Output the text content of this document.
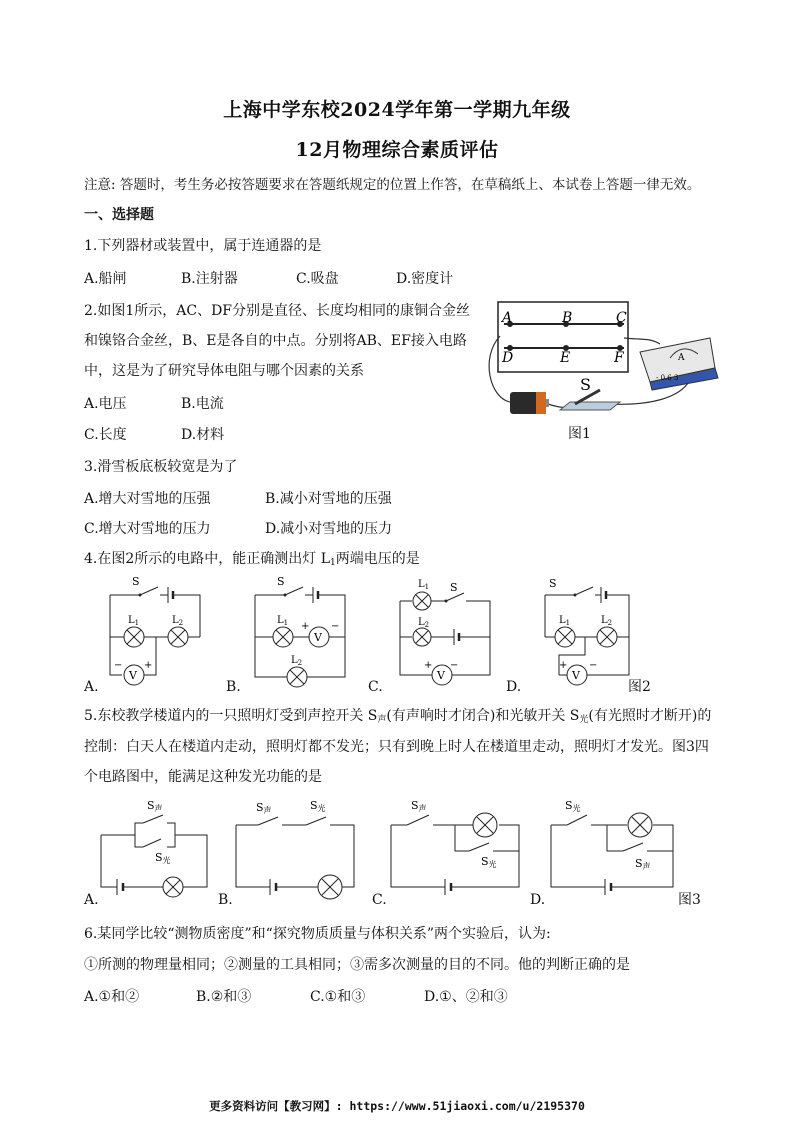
上海中学东校2024学年第一学期九年级
12月物理综合素质评估
注意: 答题时，考生务必按答题要求在答题纸规定的位置上作答，在草稿纸上、本试卷上答题一律无效。
一、选择题
1.下列器材或装置中，属于连通器的是
A.船闸	B.注射器	C.吸盘	D.密度计
2.如图1所示，AC、DF分别是直径、长度均相同的康铜合金丝
和镍铬合金丝，B、E是各自的中点。分别将AB、EF接入电路
中，这是为了研究导体电阻与哪个因素的关系
A.电压	B.电流
C.长度	D.材料
A	B	C
D	E	F
S
A
- 0.6 3
图1
3.滑雪板底板较宽是为了
A.增大对雪地的压强	B.减小对雪地的压强
C.增大对雪地的压力	D.减小对雪地的压力
4.在图2所示的电路中，能正确测出灯 $L_1$两端电压的是
S
$L_1$	$L_2$
V
− +
A.
S
V
$L_1$ + −
$L_2$
B.
$L_1$ S
$L_2$
V
+ −
C.
S
$L_1$	$L_2$
V
+ −
D.	图2
5.东校教学楼道内的一只照明灯受到声控开关 $S_声$(有声响时才闭合)和光敏开关 $S_光$(有光照时才断开)的
控制：白天人在楼道内走动，照明灯都不发光；只有到晚上时人在楼道里走动，照明灯才发光。图3四
个电路图中，能满足这种发光功能的是
S声
S光
A.
S声	S光
B.
S声
S光
C.
S光
S声
D.	图3
6.某同学比较“测物质密度”和“探究物质质量与体积关系”两个实验后，认为:
①所测的物理量相同；②测量的工具相同；③需多次测量的目的不同。他的判断正确的是
A.①和②	B.②和③	C.①和③	D.①、②和③
更多资料访问【教习网】: https://www.51jiaoxi.com/u/2195370
